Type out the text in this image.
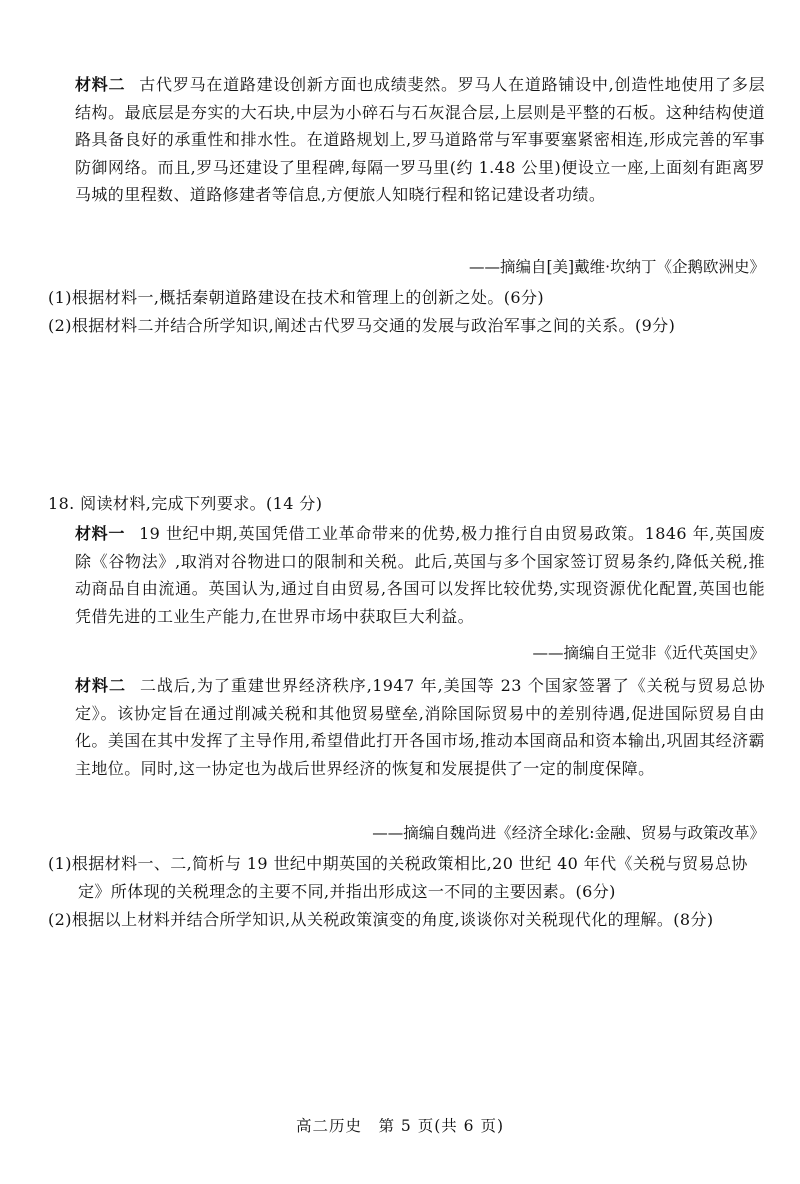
材料二 古代罗马在道路建设创新方面也成绩斐然。罗马人在道路铺设中,创造性地使用了多层结构。最底层是夯实的大石块,中层为小碎石与石灰混合层,上层则是平整的石板。这种结构使道路具备良好的承重性和排水性。在道路规划上,罗马道路常与军事要塞紧密相连,形成完善的军事防御网络。而且,罗马还建设了里程碑,每隔一罗马里(约 1.48 公里)便设立一座,上面刻有距离罗马城的里程数、道路修建者等信息,方便旅人知晓行程和铭记建设者功绩。

——摘编自[美]戴维·坎纳丁《企鹅欧洲史》

(1)根据材料一,概括秦朝道路建设在技术和管理上的创新之处。(6分)

(2)根据材料二并结合所学知识,阐述古代罗马交通的发展与政治军事之间的关系。(9分)

18. 阅读材料,完成下列要求。(14 分)

材料一 19 世纪中期,英国凭借工业革命带来的优势,极力推行自由贸易政策。1846 年,英国废除《谷物法》,取消对谷物进口的限制和关税。此后,英国与多个国家签订贸易条约,降低关税,推动商品自由流通。英国认为,通过自由贸易,各国可以发挥比较优势,实现资源优化配置,英国也能凭借先进的工业生产能力,在世界市场中获取巨大利益。

——摘编自王觉非《近代英国史》

材料二 二战后,为了重建世界经济秩序,1947 年,美国等 23 个国家签署了《关税与贸易总协定》。该协定旨在通过削减关税和其他贸易壁垒,消除国际贸易中的差别待遇,促进国际贸易自由化。美国在其中发挥了主导作用,希望借此打开各国市场,推动本国商品和资本输出,巩固其经济霸主地位。同时,这一协定也为战后世界经济的恢复和发展提供了一定的制度保障。

——摘编自魏尚进《经济全球化:金融、贸易与政策改革》

(1)根据材料一、二,简析与 19 世纪中期英国的关税政策相比,20 世纪 40 年代《关税与贸易总协定》所体现的关税理念的主要不同,并指出形成这一不同的主要因素。(6分)

(2)根据以上材料并结合所学知识,从关税政策演变的角度,谈谈你对关税现代化的理解。(8分)

高二历史　第 5 页(共 6 页)
